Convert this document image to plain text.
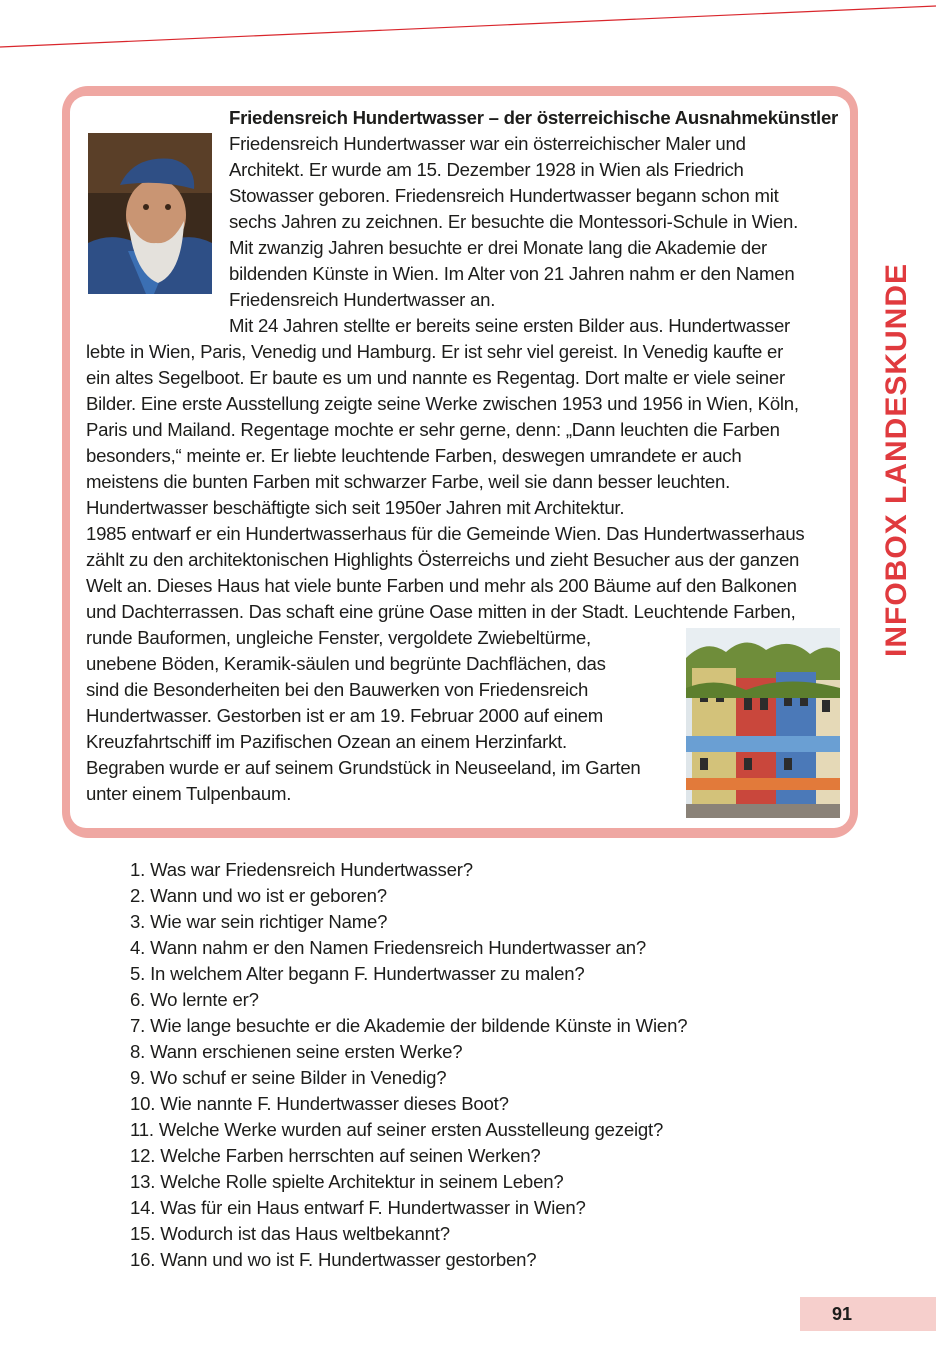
INFOBOX LANDESKUNDE

Friedensreich Hundertwasser – der österreichische Ausnahmekünstler

Friedensreich Hundertwasser war ein österreichischer Maler und
Architekt. Er wurde am 15. Dezember 1928 in Wien als Friedrich
Stowasser geboren. Friedensreich Hundertwasser begann schon mit
sechs Jahren zu zeichnen. Er besuchte die Montessori-Schule in Wien.
Mit zwanzig Jahren besuchte er drei Monate lang die Akademie der
bildenden Künste in Wien. Im Alter von 21 Jahren nahm er den Namen
Friedensreich Hundertwasser an.
Mit 24 Jahren stellte er bereits seine ersten Bilder aus. Hundertwasser
lebte in Wien, Paris, Venedig und Hamburg. Er ist sehr viel gereist. In Venedig kaufte er
ein altes Segelboot. Er baute es um und nannte es Regentag. Dort malte er viele seiner
Bilder. Eine erste Ausstellung zeigte seine Werke zwischen 1953 und 1956 in Wien, Köln,
Paris und Mailand. Regentage mochte er sehr gerne, denn: „Dann leuchten die Farben
besonders,“ meinte er. Er liebte leuchtende Farben, deswegen umrandete er auch
meistens die bunten Farben mit schwarzer Farbe, weil sie dann besser leuchten.
Hundertwasser beschäftigte sich seit 1950er Jahren mit Architektur.
1985 entwarf er ein Hundertwasserhaus für die Gemeinde Wien. Das Hundertwasserhaus
zählt zu den architektonischen Highlights Österreichs und zieht Besucher aus der ganzen
Welt an. Dieses Haus hat viele bunte Farben und mehr als 200 Bäume auf den Balkonen
und Dachterrassen. Das schaft eine grüne Oase mitten in der Stadt. Leuchtende Farben,
runde Bauformen, ungleiche Fenster, vergoldete Zwiebeltürme,
unebene Böden, Keramik-säulen und begrünte Dachflächen, das
sind die Besonderheiten bei den Bauwerken von Friedensreich
Hundertwasser. Gestorben ist er am 19. Februar 2000 auf einem
Kreuzfahrtschiff im Pazifischen Ozean an einem Herzinfarkt.
Begraben wurde er auf seinem Grundstück in Neuseeland, im Garten
unter einem Tulpenbaum.
1. Was war Friedensreich Hundertwasser?
2. Wann und wo ist er geboren?
3. Wie war sein richtiger Name?
4. Wann nahm er den Namen Friedensreich Hundertwasser an?
5. In welchem Alter begann F. Hundertwasser zu malen?
6. Wo lernte er?
7. Wie lange besuchte er die Akademie der bildende Künste in Wien?
8. Wann erschienen seine ersten Werke?
9. Wo schuf er seine Bilder in Venedig?
10. Wie nannte F. Hundertwasser dieses Boot?
11. Welche Werke wurden auf seiner ersten Ausstelleung gezeigt?
12. Welche Farben herrschten auf seinen Werken?
13. Welche Rolle spielte Architektur in seinem Leben?
14. Was für ein Haus entwarf F. Hundertwasser in Wien?
15. Wodurch ist das Haus weltbekannt?
16. Wann und wo ist F. Hundertwasser gestorben?
91
